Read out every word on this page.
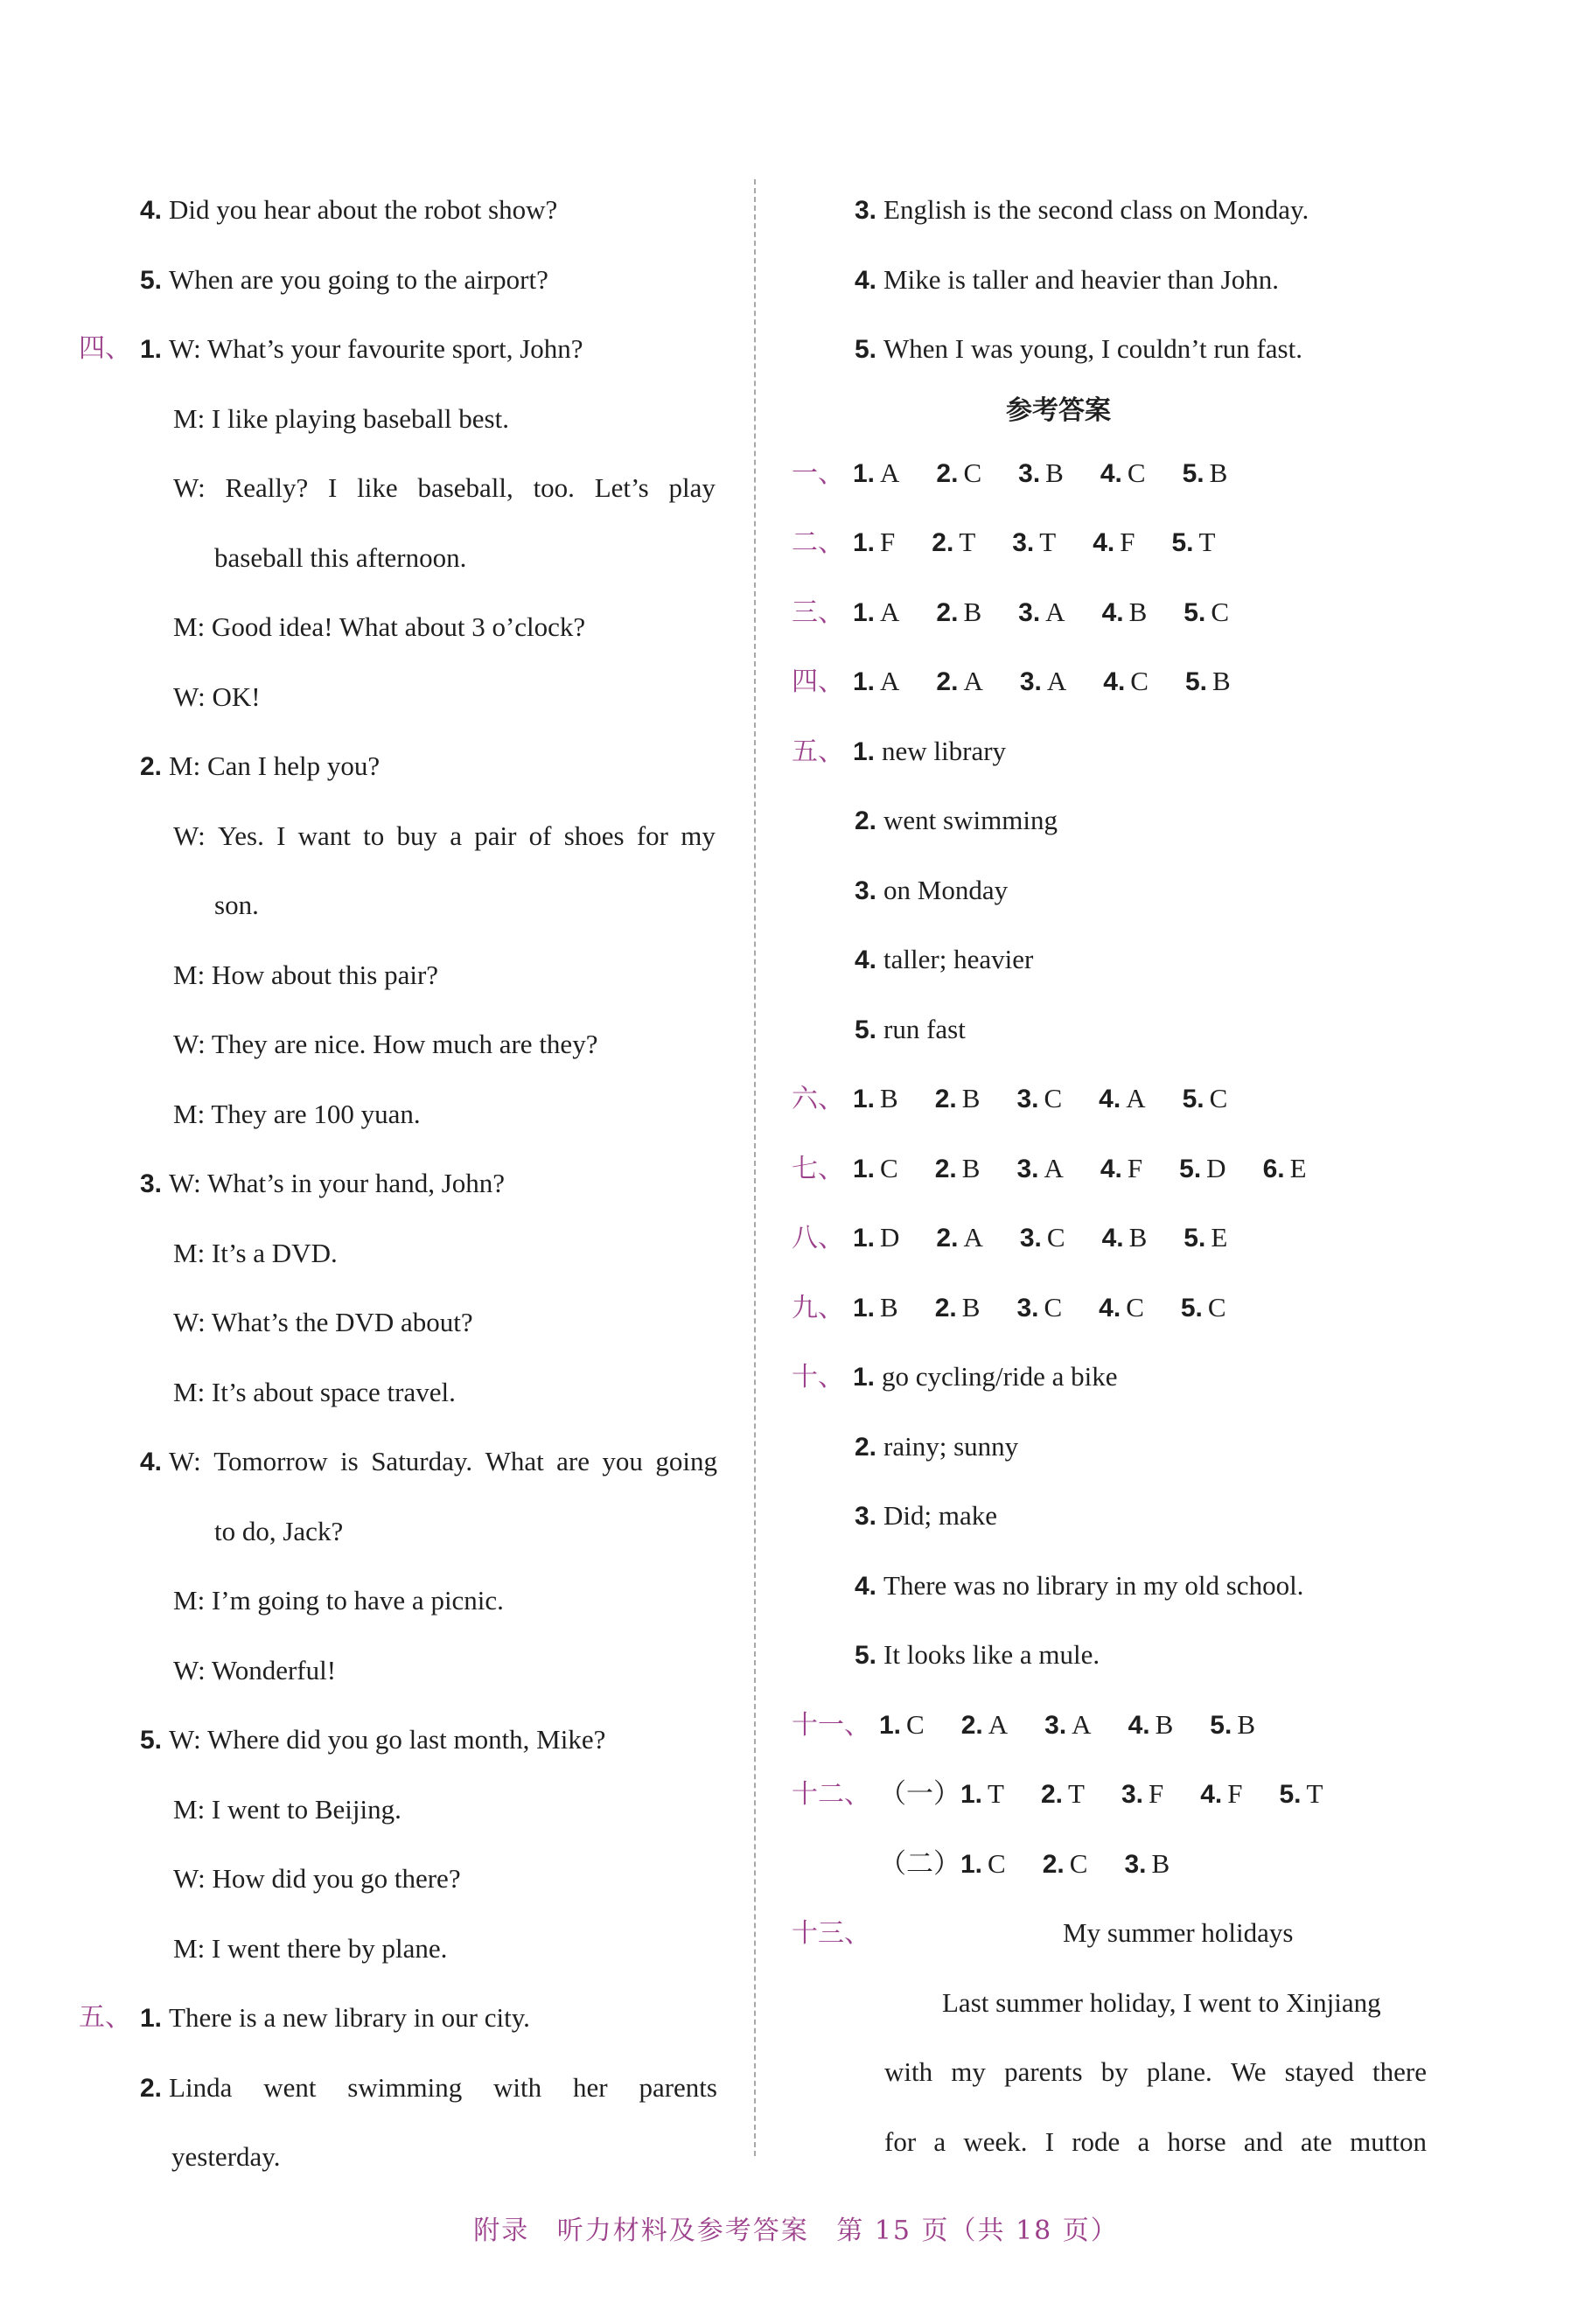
4. Did you hear about the robot show?
5. When are you going to the airport?
四、 1. W: What’s your favourite sport, John?
M: I like playing baseball best.
W: Really? I like baseball, too. Let’s play
baseball this afternoon.
M: Good idea! What about 3 o’clock?
W: OK!
2. M: Can I help you?
W: Yes. I want to buy a pair of shoes for my
son.
M: How about this pair?
W: They are nice. How much are they?
M: They are 100 yuan.
3. W: What’s in your hand, John?
M: It’s a DVD.
W: What’s the DVD about?
M: It’s about space travel.
4. W: Tomorrow is Saturday. What are you going
to do, Jack?
M: I’m going to have a picnic.
W: Wonderful!
5. W: Where did you go last month, Mike?
M: I went to Beijing.
W: How did you go there?
M: I went there by plane.
五、 1. There is a new library in our city.
2. Linda went swimming with her parents
yesterday.
3. English is the second class on Monday.
4. Mike is taller and heavier than John.
5. When I was young, I couldn’t run fast.
参考答案
一、 1. A 2. C 3. B 4. C 5. B
二、 1. F 2. T 3. T 4. F 5. T
三、 1. A 2. B 3. A 4. B 5. C
四、 1. A 2. A 3. A 4. C 5. B
五、 1. new library
2. went swimming
3. on Monday
4. taller; heavier
5. run fast
六、 1. B 2. B 3. C 4. A 5. C
七、 1. C 2. B 3. A 4. F 5. D 6. E
八、 1. D 2. A 3. C 4. B 5. E
九、 1. B 2. B 3. C 4. C 5. C
十、 1. go cycling/ride a bike
2. rainy; sunny
3. Did; make
4. There was no library in my old school.
5. It looks like a mule.
十一、 1. C 2. A 3. A 4. B 5. B
十二、 （一）1. T 2. T 3. F 4. F 5. T
（二）1. C 2. C 3. B
十三、	My summer holidays
Last summer holiday, I went to Xinjiang
with my parents by plane. We stayed there
for a week. I rode a horse and ate mutton
附录 听力材料及参考答案 第 15 页（共 18 页）
